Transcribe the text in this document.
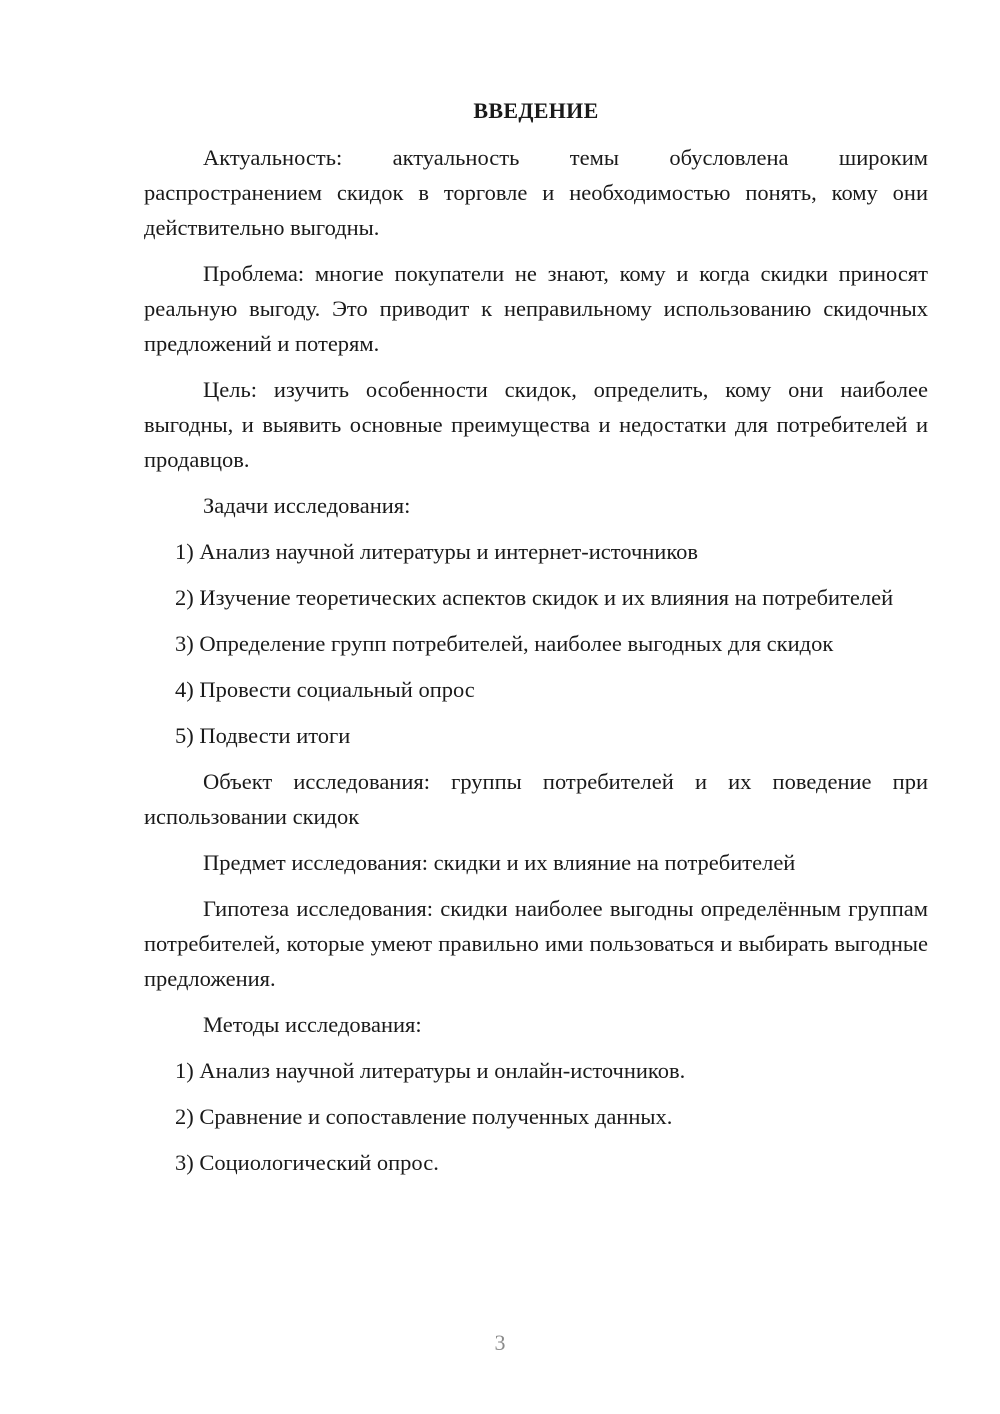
ВВЕДЕНИЕ

Актуальность: актуальность темы обусловлена широким распространением скидок в торговле и необходимостью понять, кому они действительно выгодны.

Проблема: многие покупатели не знают, кому и когда скидки приносят реальную выгоду. Это приводит к неправильному использованию скидочных предложений и потерям.

Цель: изучить особенности скидок, определить, кому они наиболее выгодны, и выявить основные преимущества и недостатки для потребителей и продавцов.

Задачи исследования:

1) Анализ научной литературы и интернет-источников

2) Изучение теоретических аспектов скидок и их влияния на потребителей

3) Определение групп потребителей, наиболее выгодных для скидок

4) Провести социальный опрос

5) Подвести итоги

Объект исследования: группы потребителей и их поведение при использовании скидок

Предмет исследования: скидки и их влияние на потребителей

Гипотеза исследования: скидки наиболее выгодны определённым группам потребителей, которые умеют правильно ими пользоваться и выбирать выгодные предложения.

Методы исследования:

1) Анализ научной литературы и онлайн-источников.

2) Сравнение и сопоставление полученных данных.

3) Социологический опрос.

3
